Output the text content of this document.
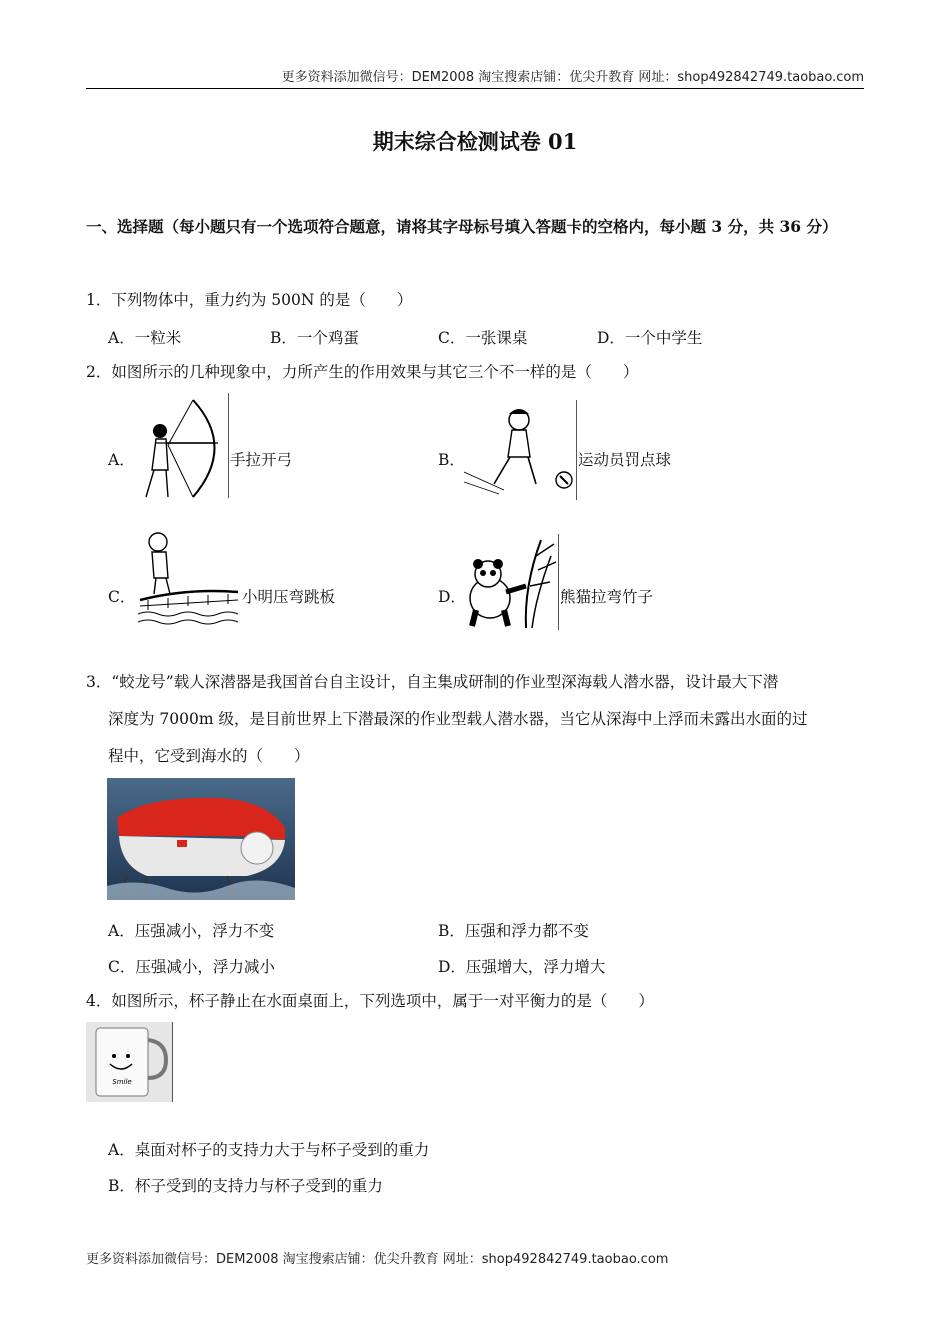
更多资料添加微信号：DEM2008 淘宝搜索店铺：优尖升教育 网址：shop492842749.taobao.com
期末综合检测试卷 01
一、选择题（每小题只有一个选项符合题意，请将其字母标号填入答题卡的空格内，每小题 3 分，共 36 分）
1．下列物体中，重力约为 500N 的是（　　）
A．一粒米	B．一个鸡蛋	C．一张课桌	D．一个中学生
2．如图所示的几种现象中，力所产生的作用效果与其它三个不一样的是（　　）
A．	手拉开弓	B．	运动员罚点球
C．	小明压弯跳板	D．	熊猫拉弯竹子
3．“蛟龙号”载人深潜器是我国首台自主设计，自主集成研制的作业型深海载人潜水器，设计最大下潜
深度为 7000m 级，是目前世界上下潜最深的作业型载人潜水器，当它从深海中上浮而未露出水面的过
程中，它受到海水的（　　）
A．压强减小，浮力不变	B．压强和浮力都不变
C．压强减小，浮力减小	D．压强增大，浮力增大
4．如图所示，杯子静止在水面桌面上，下列选项中，属于一对平衡力的是（　　）
Smile
A．桌面对杯子的支持力大于与杯子受到的重力
B．杯子受到的支持力与杯子受到的重力
更多资料添加微信号：DEM2008 淘宝搜索店铺：优尖升教育 网址：shop492842749.taobao.com
